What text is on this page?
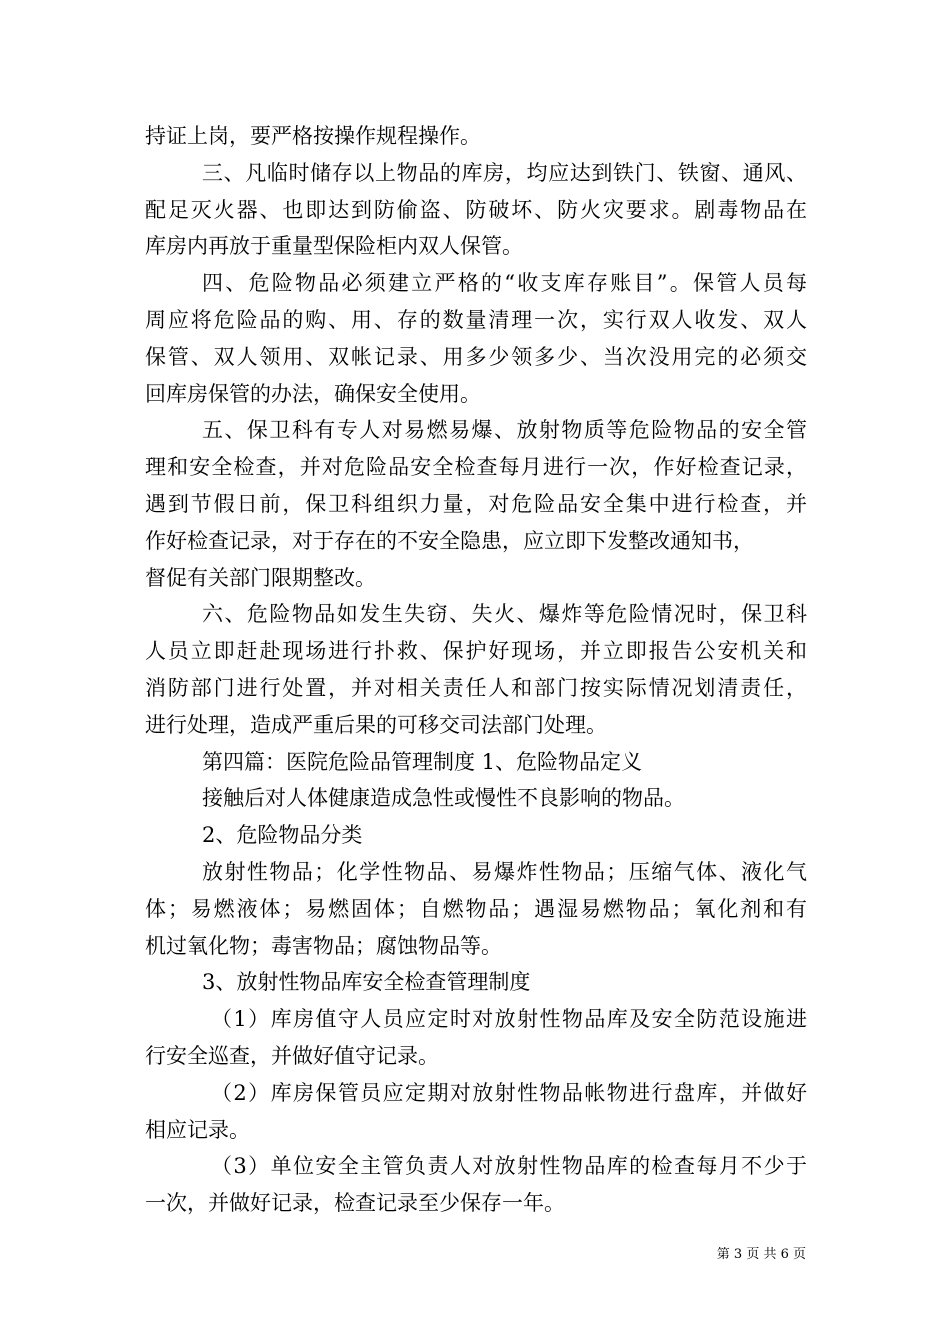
持证上岗，要严格按操作规程操作。
三、凡临时储存以上物品的库房，均应达到铁门、铁窗、通风、
配足灭火器、也即达到防偷盗、防破坏、防火灾要求。剧毒物品在
库房内再放于重量型保险柜内双人保管。
四、危险物品必须建立严格的“收支库存账目”。保管人员每
周应将危险品的购、用、存的数量清理一次，实行双人收发、双人
保管、双人领用、双帐记录、用多少领多少、当次没用完的必须交
回库房保管的办法，确保安全使用。
五、保卫科有专人对易燃易爆、放射物质等危险物品的安全管
理和安全检查，并对危险品安全检查每月进行一次，作好检查记录，
遇到节假日前，保卫科组织力量，对危险品安全集中进行检查，并
作好检查记录，对于存在的不安全隐患，应立即下发整改通知书，
督促有关部门限期整改。
六、危险物品如发生失窃、失火、爆炸等危险情况时，保卫科
人员立即赶赴现场进行扑救、保护好现场，并立即报告公安机关和
消防部门进行处置，并对相关责任人和部门按实际情况划清责任，
进行处理，造成严重后果的可移交司法部门处理。
第四篇：医院危险品管理制度 1、危险物品定义
接触后对人体健康造成急性或慢性不良影响的物品。
2、危险物品分类
放射性物品；化学性物品、易爆炸性物品；压缩气体、液化气
体；易燃液体；易燃固体；自燃物品；遇湿易燃物品；氧化剂和有
机过氧化物；毒害物品；腐蚀物品等。
3、放射性物品库安全检查管理制度
（1）库房值守人员应定时对放射性物品库及安全防范设施进
行安全巡查，并做好值守记录。
（2）库房保管员应定期对放射性物品帐物进行盘库，并做好
相应记录。
（3）单位安全主管负责人对放射性物品库的检查每月不少于
一次，并做好记录，检查记录至少保存一年。
第 3 页 共 6 页
